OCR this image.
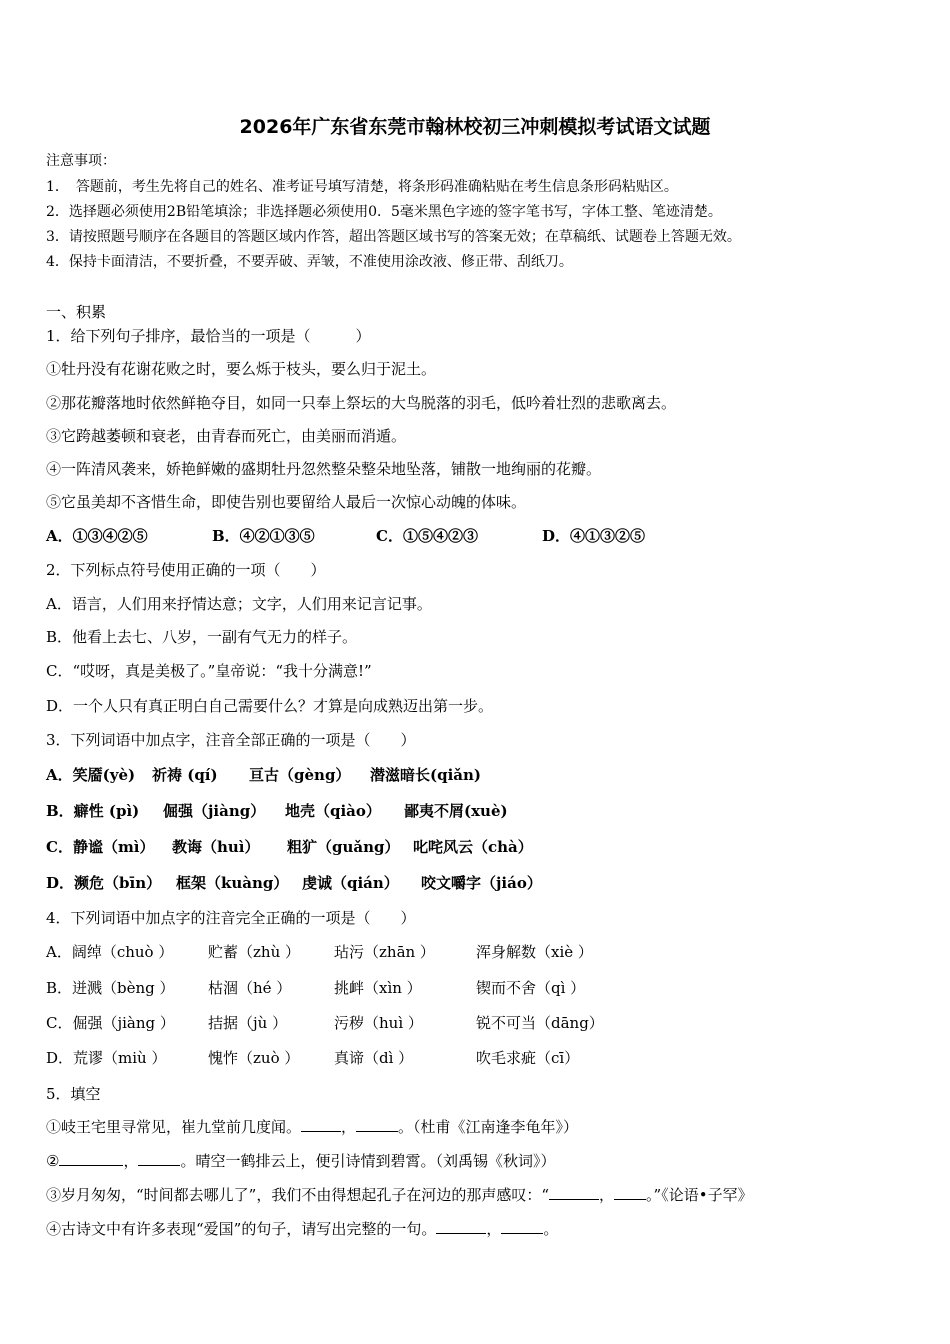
2026年广东省东莞市翰林校初三冲刺模拟考试语文试题
注意事项：
1．　答题前，考生先将自己的姓名、准考证号填写清楚，将条形码准确粘贴在考生信息条形码粘贴区。
2．选择题必须使用2B铅笔填涂；非选择题必须使用0．5毫米黑色字迹的签字笔书写，字体工整、笔迹清楚。
3．请按照题号顺序在各题目的答题区域内作答，超出答题区域书写的答案无效；在草稿纸、试题卷上答题无效。
4．保持卡面清洁，不要折叠，不要弄破、弄皱，不准使用涂改液、修正带、刮纸刀。
一、积累
1．给下列句子排序，最恰当的一项是（　　　）
①牡丹没有花谢花败之时，要么烁于枝头，要么归于泥土。
②那花瓣落地时依然鲜艳夺目，如同一只奉上祭坛的大鸟脱落的羽毛，低吟着壮烈的悲歌离去。
③它跨越萎顿和衰老，由青春而死亡，由美丽而消遁。
④一阵清风袭来，娇艳鲜嫩的盛期牡丹忽然整朵整朵地坠落，铺散一地绚丽的花瓣。
⑤它虽美却不吝惜生命，即使告别也要留给人最后一次惊心动魄的体味。
A．①③④②⑤	B．④②①③⑤	C．①⑤④②③	D．④①③②⑤
2．下列标点符号使用正确的一项（　　）
A．语言，人们用来抒情达意；文字，人们用来记言记事。
B．他看上去七、八岁，一副有气无力的样子。
C．“哎呀，真是美极了。”皇帝说：“我十分满意!”
D．一个人只有真正明白自己需要什么？才算是向成熟迈出第一步。
3．下列词语中加点字，注音全部正确的一项是（　　）
A．笑靥(yè) 祈祷 (qí) 亘古（gèng） 潜滋暗长(qiǎn)
B．癖性 (pì) 倔强（jiàng） 地壳（qiào） 鄙夷不屑(xuè)
C．静谧（mì） 教诲（huì） 粗犷（guǎng） 叱咤风云（chà）
D．濒危（bīn） 框架（kuàng） 虔诚（qián） 咬文嚼字（jiáo）
4．下列词语中加点字的注音完全正确的一项是（　　）
A．阔绰（chuò ） 贮蓄（zhù ） 玷污（zhān ）	浑身解数（xiè ）
B．迸溅（bèng ） 枯涸（hé ）	挑衅（xìn ）	锲而不舍（qì ）
C．倔强（jiàng ） 拮据（jù ）	污秽（huì ）	锐不可当（dāng）
D．荒谬（miù ）	愧怍（zuò ） 真谛（dì ）	吹毛求疵（cī）
5．填空
①岐王宅里寻常见，崔九堂前几度闻。	，	。（杜甫《江南逢李龟年》）
②	，	。晴空一鹤排云上，便引诗情到碧霄。（刘禹锡《秋词》）
③岁月匆匆，“时间都去哪儿了”，我们不由得想起孔子在河边的那声感叹：“	， 。”《论语•子罕》
④古诗文中有许多表现“爱国”的句子，请写出完整的一句。	，	。
